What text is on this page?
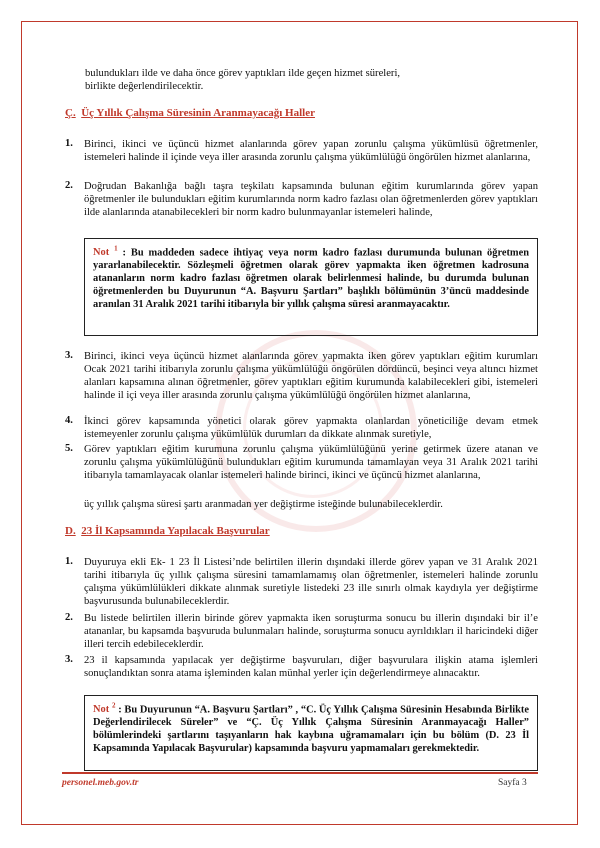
bulundukları ilde ve daha önce görev yaptıkları ilde geçen hizmet süreleri,
birlikte değerlendirilecektir.
Ç. Üç Yıllık Çalışma Süresinin Aranmayacağı Haller
1. Birinci, ikinci ve üçüncü hizmet alanlarında görev yapan zorunlu çalışma yükümlüsü öğretmenler, istemeleri halinde il içinde veya iller arasında zorunlu çalışma yükümlülüğü öngörülen hizmet alanlarına,
2. Doğrudan Bakanlığa bağlı taşra teşkilatı kapsamında bulunan eğitim kurumlarında görev yapan öğretmenler ile bulundukları eğitim kurumlarında norm kadro fazlası olan öğretmenlerden görev yaptıkları ilde alanlarında atanabilecekleri bir norm kadro bulunmayanlar istemeleri halinde,
Not $^1$ : Bu maddeden sadece ihtiyaç veya norm kadro fazlası durumunda bulunan öğretmen yararlanabilecektir. Sözleşmeli öğretmen olarak görev yapmakta iken öğretmen kadrosuna atananların norm kadro fazlası öğretmen olarak belirlenmesi halinde, bu durumda bulunan öğretmenlerden bu Duyurunun “A. Başvuru Şartları” başlıklı bölümünün 3’üncü maddesinde aranılan 31 Aralık 2021 tarihi itibarıyla bir yıllık çalışma süresi aranmayacaktır.
3. Birinci, ikinci veya üçüncü hizmet alanlarında görev yapmakta iken görev yaptıkları eğitim kurumları Ocak 2021 tarihi itibarıyla zorunlu çalışma yükümlülüğü öngörülen dördüncü, beşinci veya altıncı hizmet alanları kapsamına alınan öğretmenler, görev yaptıkları eğitim kurumunda kalabilecekleri gibi, istemeleri halinde il içi veya iller arasında zorunlu çalışma yükümlülüğü öngörülen hizmet alanlarına,
4. İkinci görev kapsamında yönetici olarak görev yapmakta olanlardan yöneticiliğe devam etmek istemeyenler zorunlu çalışma yükümlülük durumları da dikkate alınmak suretiyle,
5. Görev yaptıkları eğitim kurumuna zorunlu çalışma yükümlülüğünü yerine getirmek üzere atanan ve zorunlu çalışma yükümlülüğünü bulundukları eğitim kurumunda tamamlayan veya 31 Aralık 2021 tarihi itibarıyla tamamlayacak olanlar istemeleri halinde birinci, ikinci ve üçüncü hizmet alanlarına,
üç yıllık çalışma süresi şartı aranmadan yer değiştirme isteğinde bulunabileceklerdir.
D. 23 İl Kapsamında Yapılacak Başvurular
1. Duyuruya ekli Ek- 1 23 İl Listesi’nde belirtilen illerin dışındaki illerde görev yapan ve 31 Aralık 2021 tarihi itibarıyla üç yıllık çalışma süresini tamamlamamış olan öğretmenler, istemeleri halinde zorunlu çalışma yükümlülükleri dikkate alınmak suretiyle listedeki 23 ille sınırlı olmak kaydıyla yer değiştirme başvurusunda bulunabileceklerdir.
2. Bu listede belirtilen illerin birinde görev yapmakta iken soruşturma sonucu bu illerin dışındaki bir il’e atananlar, bu kapsamda başvuruda bulunmaları halinde, soruşturma sonucu ayrıldıkları il haricindeki diğer illeri tercih edebileceklerdir.
3. 23 il kapsamında yapılacak yer değiştirme başvuruları, diğer başvurulara ilişkin atama işlemleri sonuçlandıktan sonra atama işleminden kalan münhal yerler için değerlendirmeye alınacaktır.
Not $^2$ : Bu Duyurunun “A. Başvuru Şartları” , “C. Üç Yıllık Çalışma Süresinin Hesabında Birlikte Değerlendirilecek Süreler” ve “Ç. Üç Yıllık Çalışma Süresinin Aranmayacağı Haller” bölümlerindeki şartlarını taşıyanların hak kaybına uğramamaları için bu bölüm (D. 23 İl Kapsamında Yapılacak Başvurular) kapsamında başvuru yapmamaları gerekmektedir.
personel.meb.gov.tr	Sayfa 3
